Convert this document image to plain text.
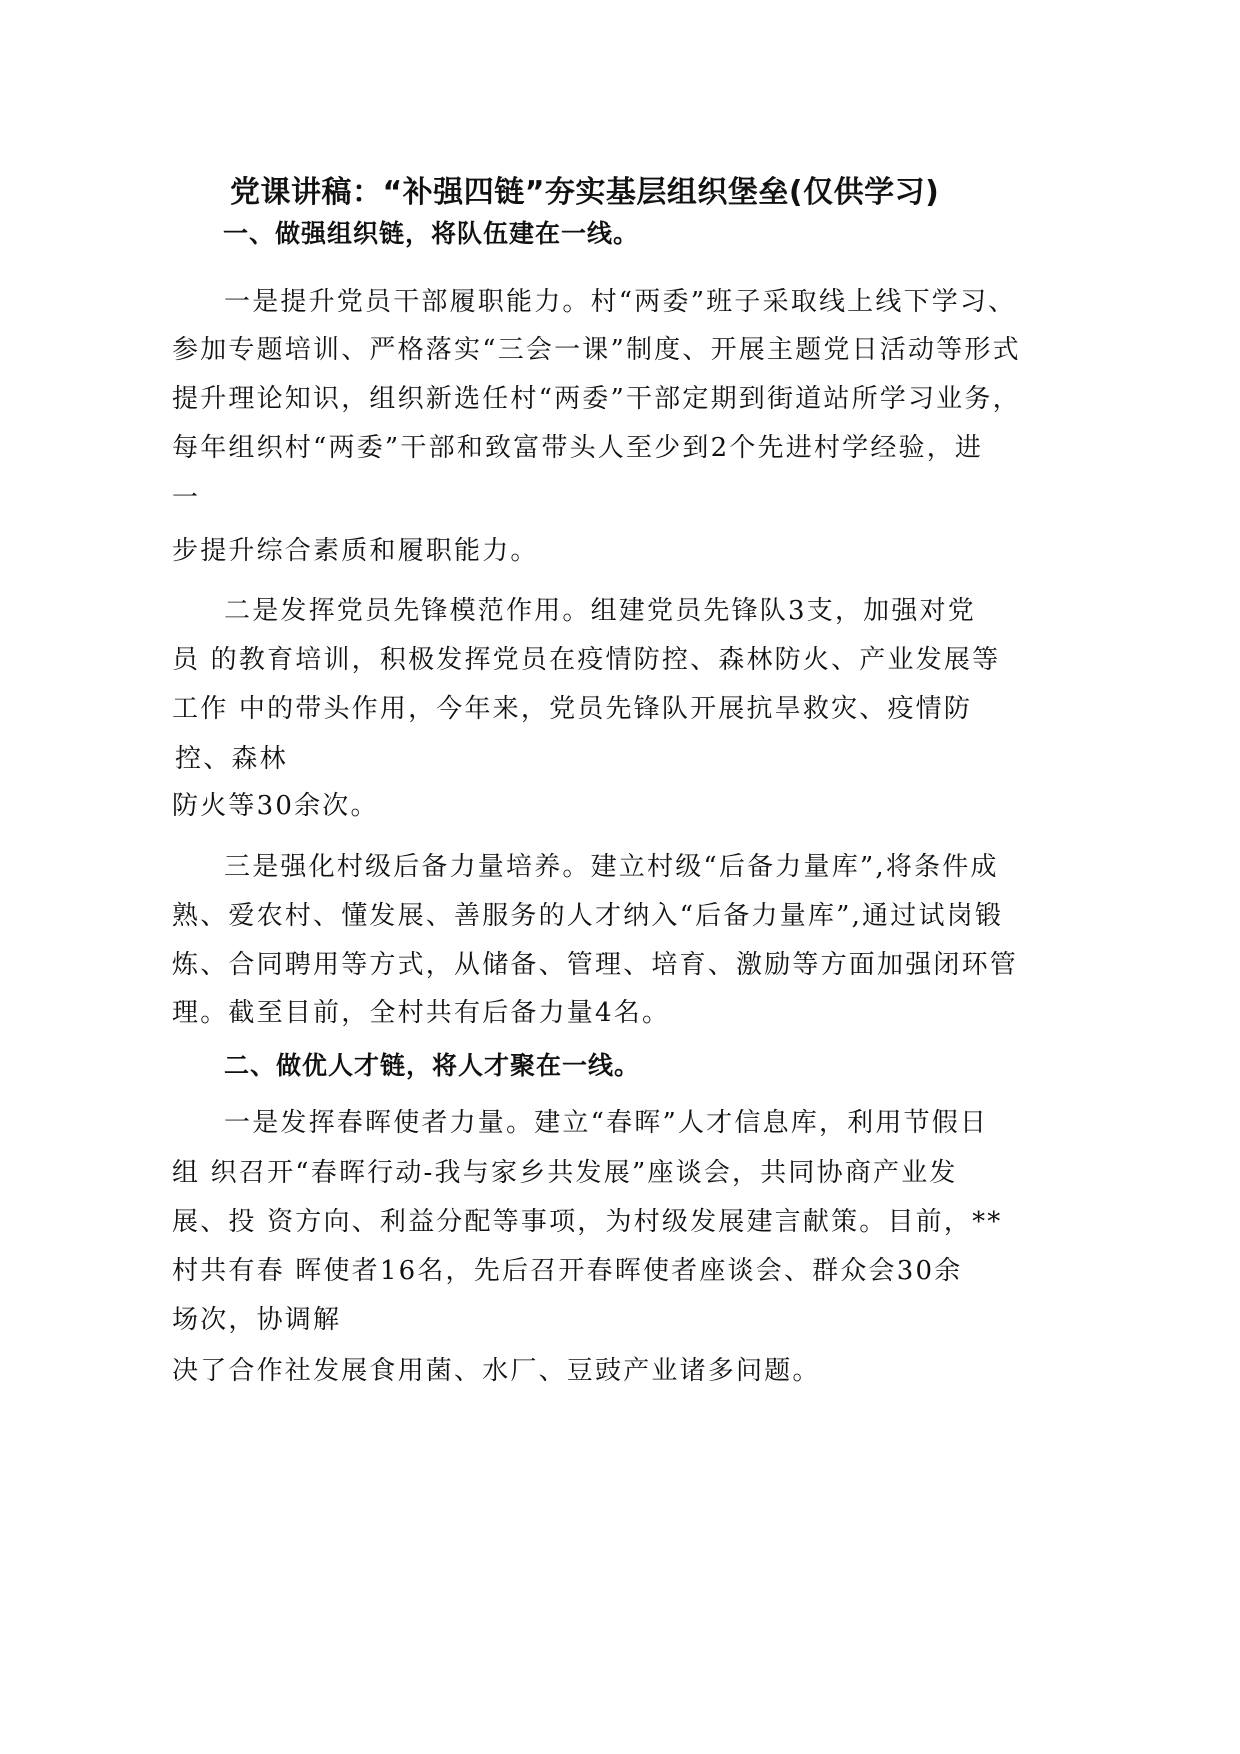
党课讲稿：“补强四链”夯实基层组织堡垒(仅供学习)
一、做强组织链，将队伍建在一线。
一是提升党员干部履职能力。村“两委”班子采取线上线下学习、
参加专题培训、严格落实“三会一课”制度、开展主题党日活动等形式
提升理论知识，组织新选任村“两委”干部定期到街道站所学习业务，
每年组织村“两委”干部和致富带头人至少到2个先进村学经验，进
一
步提升综合素质和履职能力。
二是发挥党员先锋模范作用。组建党员先锋队3支，加强对党
员 的教育培训，积极发挥党员在疫情防控、森林防火、产业发展等
工作 中的带头作用，今年来，党员先锋队开展抗旱救灾、疫情防
控、森林
防火等30余次。
三是强化村级后备力量培养。建立村级“后备力量库”,将条件成
熟、爱农村、懂发展、善服务的人才纳入“后备力量库”,通过试岗锻
炼、合同聘用等方式，从储备、管理、培育、激励等方面加强闭环管
理。截至目前，全村共有后备力量4名。
二、做优人才链，将人才聚在一线。
一是发挥春晖使者力量。建立“春晖”人才信息库，利用节假日
组 织召开“春晖行动-我与家乡共发展”座谈会，共同协商产业发
展、投 资方向、利益分配等事项，为村级发展建言献策。目前，**
村共有春 晖使者16名，先后召开春晖使者座谈会、群众会30余
场次，协调解
决了合作社发展食用菌、水厂、豆豉产业诸多问题。
